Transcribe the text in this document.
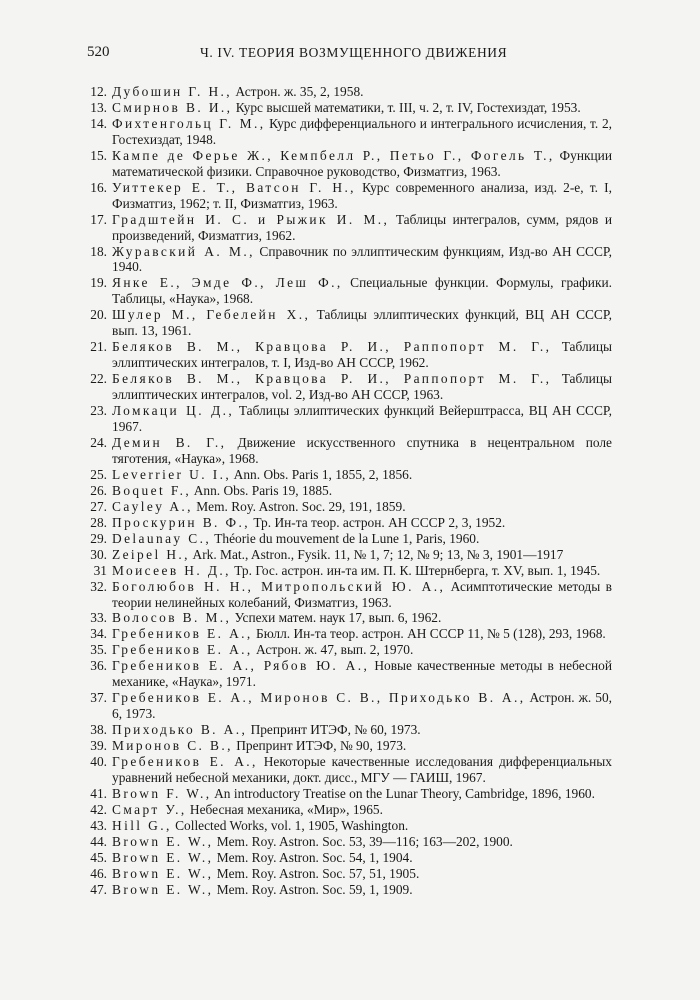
520	Ч. IV. ТЕОРИЯ ВОЗМУЩЕННОГО ДВИЖЕНИЯ
12. Дубошин Г. Н., Астрон. ж. 35, 2, 1958.
13. Смирнов В. И., Курс высшей математики, т. III, ч. 2, т. IV, Гостехиздат, 1953.
14. Фихтенгольц Г. М., Курс дифференциального и интегрального исчисления, т. 2, Гостехиздат, 1948.
15. Кампе де Ферье Ж., Кемпбелл Р., Петьо Г., Фогель Т., Функции математической физики. Справочное руководство, Физматгиз, 1963.
16. Уиттекер Е. Т., Ватсон Г. Н., Курс современного анализа, изд. 2-е, т. I, Физматгиз, 1962; т. II, Физматгиз, 1963.
17. Градштейн И. С. и Рыжик И. М., Таблицы интегралов, сумм, рядов и произведений, Физматгиз, 1962.
18. Журавский А. М., Справочник по эллиптическим функциям, Изд-во АН СССР, 1940.
19. Янке Е., Эмде Ф., Леш Ф., Специальные функции. Формулы, графики. Таблицы, «Наука», 1968.
20. Шулер М., Гебелейн Х., Таблицы эллиптических функций, ВЦ АН СССР, вып. 13, 1961.
21. Беляков В. М., Кравцова Р. И., Раппопорт М. Г., Таблицы эллиптических интегралов, т. I, Изд-во АН СССР, 1962.
22. Беляков В. М., Кравцова Р. И., Раппопорт М. Г., Таблицы эллиптических интегралов, vol. 2, Изд-во АН СССР, 1963.
23. Ломкаци Ц. Д., Таблицы эллиптических функций Вейерштрасса, ВЦ АН СССР, 1967.
24. Демин В. Г., Движение искусственного спутника в нецентральном поле тяготения, «Наука», 1968.
25. Leverrier U. I., Ann. Obs. Paris 1, 1855, 2, 1856.
26. Boquet F., Ann. Obs. Paris 19, 1885.
27. Cayley A., Mem. Roy. Astron. Soc. 29, 191, 1859.
28. Проскурин В. Ф., Тр. Ин-та теор. астрон. АН СССР 2, 3, 1952.
29. Delaunay C., Théorie du mouvement de la Lune 1, Paris, 1960.
30. Zeipel H., Ark. Mat., Astron., Fysik. 11, № 1, 7; 12, № 9; 13, № 3, 1901—1917
31 Моисеев Н. Д., Тр. Гос. астрон. ин-та им. П. К. Штернберга, т. XV, вып. 1, 1945.
32. Боголюбов Н. Н., Митропольский Ю. А., Асимптотические методы в теории нелинейных колебаний, Физматгиз, 1963.
33. Волосов В. М., Успехи матем. наук 17, вып. 6, 1962.
34. Гребеников Е. А., Бюлл. Ин-та теор. астрон. АН СССР 11, № 5 (128), 293, 1968.
35. Гребеников Е. А., Астрон. ж. 47, вып. 2, 1970.
36. Гребеников Е. А., Рябов Ю. А., Новые качественные методы в небесной механике, «Наука», 1971.
37. Гребеников Е. А., Миронов С. В., Приходько В. А., Астрон. ж. 50, 6, 1973.
38. Приходько В. А., Препринт ИТЭФ, № 60, 1973.
39. Миронов С. В., Препринт ИТЭФ, № 90, 1973.
40. Гребеников Е. А., Некоторые качественные исследования дифференциальных уравнений небесной механики, докт. дисс., МГУ — ГАИШ, 1967.
41. Brown F. W., An introductory Treatise on the Lunar Theory, Cambridge, 1896, 1960.
42. Смарт У., Небесная механика, «Мир», 1965.
43. Hill G., Collected Works, vol. 1, 1905, Washington.
44. Brown E. W., Mem. Roy. Astron. Soc. 53, 39—116; 163—202, 1900.
45. Brown E. W., Mem. Roy. Astron. Soc. 54, 1, 1904.
46. Brown E. W., Mem. Roy. Astron. Soc. 57, 51, 1905.
47. Brown E. W., Mem. Roy. Astron. Soc. 59, 1, 1909.
